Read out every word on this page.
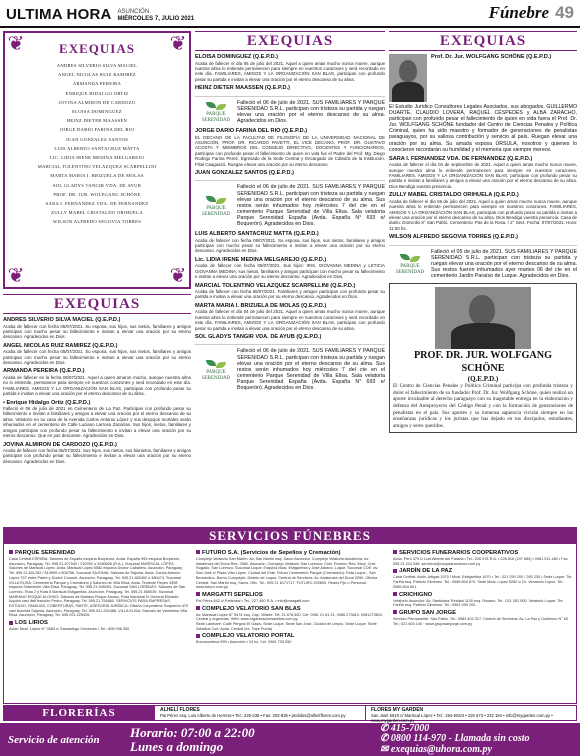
ULTIMA HORA ASUNCIÓN
MIÉRCOLES 7, JULIO 2021	Fúnebre 49
❦	❦
❦	❦
EXEQUIAS
ANDRES SILVERIO SILVA MACIEL
ANGEL NICOLAS RUIZ RAMIREZ
ARMANDA PEREIRA
ENRIQUE HIDALGO ORTIZ
JOVINA ALMIRON DE CARDOZO
ELOISA DOMINGUEZ
HEINZ DIETER MAASSEN
JORGE DARIO FARINA DEL RIO
JUAN GONZALEZ SANTOS
LUIS ALBERTO SANTACRUZ MATTA
LIC. LIDIA IRENE MEDINA MELGAREJO
MARCIAL TOLENTINO VELAZQUEZ SCARPELLINI
MARTA MARIA I. BRIZUELA DE MOLAS
SOL GLADYS TANGIR VDA. DE AYUB
PROF. DR. JUR. WOLFGANG SCHÖNE
SARA I. FERNANDEZ VDA. DE FERNANDEZ
ZULLY MABEL CRISTALDO ORIHUELA
WILSON ALFREDO SEGOVIA TORRES
EXEQUIAS
ANDRES SILVERIO SILVA MACIEL (Q.E.P.D.)

Acaba de fallecer con fecha 05/07/2021. Su esposa, sus hijos, sus nietos, familiares y amigos participan con mucho pesar su fallecimiento e invitan a elevar una oración por su eterno descanso. Agradecidos en Dios.

ANGEL NICOLAS RUIZ RAMIREZ (Q.E.P.D.)

Acaba de fallecer con fecha 05/07/2021. Su esposa, sus hijos, sus nietos, familiares y amigos participan con mucho pesar su fallecimiento e invitan a elevar una oración por su eterno descanso. Agradecidos en Dios.

ARMANDA PEREIRA (Q.E.P.D.)

Acaba de fallecer en la fecha 06/07/2021. Aquel a quien amaron mucho, aunque nuestra alma no lo entiende, permanece para siempre en nuestros corazones y será recordado en este día. FAMILIARES, AMIGOS Y LA ORGANIZACIÓN SAN BLAS, participan con profundo pesar su partida e invitan a elevar una oración por el eterno descanso de su alma.

• Enrique Hidalgo Ortiz (Q.E.P.D.)

Falleció el 06 de julio de 2021 en Cementerio de La Paz. Participan con profundo pesar su fallecimiento e invitan a familiares y amigos a elevar una oración por el eterno descanso de su alma. Velatorio en su casa de la Avenida Carlos Antonio López y sus despojos mortales serán inhumados en el cementerio de Calle Luciano Larrosa Zacarías. Sus hijos, nietos, familiares y amigos participan con profundo pesar su fallecimiento e invitan a elevar una oración por su eterno descanso. Que en paz descanse. Agradecidos en Dios.

JOVINA ALMIRON DE CARDOZO (Q.E.P.D.)

Acaba de fallecer con fecha 05/07/2021. Sus hijos, sus nietos, sus bisnietos, familiares y amigos participan con profundo pesar su fallecimiento e invitan a elevar una oración por su eterno descanso. Agradecidos en Dios.

EXEQUIAS
ELOISA DOMINGUEZ (Q.E.P.D.)

Acaba de fallecer el día 06 de julio del 2021. Aquel a quien amas mucho nunca muere, aunque nuestra alma lo entiende permanecen para siempre en nuestros corazones y será recordado en este día. FAMILIARES, AMIGOS Y LA ORGANIZACIÓN SAN BLAS, participan con profundo pesar su partida e invitan a elevar una oración por el eterno descanso de su alma.

HEINZ DIETER MAASSEN (Q.E.P.D.)

PARQUE
SERENIDAD

Falleció el 06 de julio de 2021. SUS FAMILIARES Y PARQUE SERENIDAD S.R.L. participan con tristeza su partida y ruegan elevar una oración por el eterno descanso de su alma. Agradecidos en Dios.

JORGE DARIO FARINA DEL RIO (Q.E.P.D.)

EL DECANO DE LA FACULTAD DE FILOSOFÍA DE LA UNIVERSIDAD NACIONAL DE ASUNCIÓN, PROF. DR. RICARDO PAVETTI, EL VICE DECANO, PROF. DR. GUSTAVO ACOSTA Y MIEMBROS DEL CONSEJO DIRECTIVO, DOCENTES Y FUNCIONARIOS, participan con profundo pesar el fallecimiento de quien en vida fue el Padre del Prof. Mg. Diego Rodrigo Farina Perez, Egresado de la Sede Central y Encargado de Cátedra de la Institución. Filial Caaguazú. Ruegan elevar una oración por su eterno descanso.

JUAN GONZALEZ SANTOS (Q.E.P.D.)

PARQUE
SERENIDAD

Falleció el 06 de julio de 2021. SUS FAMILIARES Y PARQUE SERENIDAD S.R.L. participan con tristeza su partida y ruegan elevar una oración por el eterno descanso de su alma. Sus restos serán inhumados hoy miércoles 7 del cte en el cementerio Parque Serenidad de Villa Elisa. Sala velatoria Parque Serenidad España (Avda. España N° 693 e/ Boquerón). Agradecidos en Dios.

LUIS ALBERTO SANTACRUZ MATTA (Q.E.P.D.)

Acaba de fallecer con fecha 06/07/2021. Su esposa, sus hijos, sus nietos, familiares y amigos participan con mucho pesar su fallecimiento e invitan a elevar una oración por su eterno descanso. Agradecidos en Dios.

Lic. LIDIA IRENE MEDINA MELGAREJO (Q.E.P.D.)

Acaba de fallecer con fecha 05/07/2021. Sus hijos: IRIS, GIOVANNA MEDINA y LETICIA GIOVANNA MEDINA, sus nietos, familiares y amigos participan con mucho pesar su fallecimiento e invitan a elevar una oración por su eterno descanso. Agradecidos en Dios.

MARCIAL TOLENTINO VELAZQUEZ SCARPELLINI (Q.E.P.D.)

Acaba de fallecer con fecha 06/07/2021. Familiares y amigos participan con profundo pesar su partida e invitan a elevar una oración por su eterno descanso. Agradecidos en Dios.

MARTA MARIA I. BRIZUELA DE MOLAS (Q.E.P.D.)

Acaba de fallecer el día 04 de julio del 2021. Aquel a quien amas mucho nunca muere, aunque nuestra alma lo entiende permanecen para siempre en nuestros corazones y será recordado en este día. FAMILIARES, AMIGOS Y LA ORGANIZACIÓN SAN BLAS, participan con profundo pesar su partida e invitan a elevar una oración por el eterno descanso de su alma.

SOL GLADYS TANGIR VDA. DE AYUB (Q.E.P.D.)

PARQUE
SERENIDAD

Falleció el 06 de julio de 2021. SUS FAMILIARES Y PARQUE SERENIDAD S.R.L. participan con tristeza su partida y ruegan elevar una oración por el eterno descanso de su alma. Sus restos serán inhumados hoy miércoles 7 del cte en el cementerio Parque Serenidad de Villa Elisa. Sala velatoria Parque Serenidad España (Avda. España N° 693 e/ Boquerón). Agradecidos en Dios.

EXEQUIAS
Prof. Dr. Jur. WOLFGANG SCHÖNE (Q.E.P.D.)

El Estudio Jurídico Consultores Legales Asociados, sus abogados, GUILLERMO DUARTE, CLAUDIO LOVERA, RAQUEL CÉSPEDES y ALBA ZARACHO, participan con profundo pesar el fallecimiento de quien en vida fuera el Prof. Dr. Jur. WOLFGANG SCHÖNE fundador del Centro de Ciencias Penales y Política Criminal, quien ha sido maestro y formador de generaciones de penalistas paraguayos, por su valiosa contribución y servicio al país. Ruegan elevar una oración por su alma. Su amada esposa ÚRSULA, nosotros y quienes lo conocieron recordarán su humildad y el memoria que siempre merece.

SARA I. FERNANDEZ VDA. DE FERNANDEZ (Q.E.P.D.)

Acaba de fallecer el día 04 de septiembre de 2021. Aquel a quien amas mucho nunca muere, aunque nuestra alma lo entiende permanecen para siempre en nuestros corazones. FAMILIARES, AMIGOS Y LA ORGANIZACIÓN SAN BLAS, participan con profundo pesar su partida e invitan a familiares y amigos a elevar una oración por el eterno descanso de su alma. Dios Bendiga vuestra presencia.

ZULLY MABEL CRISTALDO ORIHUELA (Q.E.P.D.)

Acaba de fallecer el día 06 de julio del 2021. Aquel a quien amas mucho nunca muere, aunque nuestra alma lo entiende permanecen para siempre en nuestros corazones. FAMILIARES, AMIGOS Y LA ORGANIZACIÓN SAN BLAS, participan con profundo pesar su partida e invitan a elevar una oración por el eterno descanso de su alma. Dios Bendiga vuestra presencia. Casa de duelo: Domicilio 8° San Pablo. Cementerio: Pas de la Rosa. / 2° Sect. Fecha: 07/07/2021. Hora: 11:00 hs.

WILSON ALFREDO SEGOVIA TORRES (Q.E.P.D.)

PARQUE
SERENIDAD

Falleció el 05 de julio de 2021. SUS FAMILIARES Y PARQUE SERENIDAD S.R.L. participan con tristeza su partida y ruegan elevar una oración por el eterno descanso de su alma. Sus restos fueron inhumados ayer martes 06 del cte en el cementerio Jardín Paraíso de Luque. Agradecidos en Dios.

PROF. DR. JUR. WOLFGANG SCHÖNE
(Q.E.P.D.)

El Centro de Ciencias Penales y Política Criminal participa con profunda tristeza y dolor el fallecimiento de su fundador Prof. Dr. Jur. Wolfgang Schöne, quien realizó un aporte invaluable al derecho paraguayo con su inagotable entrega en la elaboración y defensa del Anteproyecto del Código Penal y con la formación de generaciones de penalistas en el país. Sus aportes y su inmensa sapiencia vivirán siempre en las enseñanzas jurídicas y los juristas que has dejado en tus discípulos, estudiantes, amigos y seres queridos.

SERVICIOS FÚNEBRES
PARQUE SERENIDAD

Casa Central ESPAÑA: Salones de España esquina Boquerón. Anda. España 993 esquina Boquerón. Asunción, Paraguay. Tel. 595.21.207540 / 210992 o 2090606 (R.A.). Sucursal MARISCAL LÓPEZ: Salones de Mariscal López. Avda. Mariscal López 5582 esquina Doctor Caballero. Asunción, Paraguay. Tel. 595.21.601782 / 613999 o 606766. Sucursal SAJONIA: Salones de Sajonia. Avda. Carlos Antonio López 757 entre Padre y Doctor Coronel. Asunción, Paraguay. Tel. 595.21.482492 o 480474. Sucursal VILLA ELISA: Cementerio Parque y Crematorio y Salones de Villa Elisa. Avda. Teniente Reyes 4398 esquina Sotaviento Villa Elisa. Paraguay. Tel. 595.21.945263. Sucursal SAN LORENZO: Salones de San Lorenzo. Ruta 2 y Ruta 8 Mariscal Estigarribia. Asunción, Paraguay. Tel. 595.21.585039. Sucursal MARIANO ROQUE ALONSO: Salones de Mariano Roque Alonso. Ruta Nacional III General Elizardo Aquino casi Itatí fracción Pedro, Paraguay. Tel. 595.21.754860. SERVICIOS PARA EMPRESAS, ESTUDIO, FAMILIAS, COBERTURAS, PARTE, ASESORÍA JURÍDICA: Oficina Corporativa: Boquerón 470 casi Avenida Sajonia. Asunción, Paraguay. Tel. 595.021.252486. VILLA ELISA: Salones de Velatorios Villa Elisa. Asunción, Paraguay. Tel. 595.021.225926.

LOS LIRIOS

Avda. Mcal. López N° 3563 c/ Samaniego Cerdones • Tel.: 605 096 350

FUTURO S.A. (Servicios de Sepelios y Cremación)

Complejo Velatorio San Martín: Av. San Martín esq. Sacro Asunción. Complejo Velatorio Asistencia: Av. Asistencia del Duna Res. 2580. Asunción. Complejo Velatorio San Lorenzo: Cnel. Romero Res. Mcal. Cnel. Rogado. San Lorenzo. Sucursal Luque: Esquina Mcal. Estigarribia y José Adrano. Luque. Sucursal CDE: Av. San José c/ Plaza Villa López. Ciudad del Este. Futuro Cementerio Parque (Cremación): Ruta Luque - San Bernardino. Barrio Curupaytú, Distrito de Luque. Central de Servicios: Av. Asistencia del Duna 3290. Oficina Central: San Martín esq. Sacro, Ofic. Tel.: 595 21 6171717. FUTURO 200800. Redes Fijo o Personal: www.futuro.com.py

MARGATTI SEPELIOS

Pai Pérez 842 c/ Pettirossi • Tel.: 227 460 R.A. • info@margatti.com

COMPLEJO VELATORIO SAN BLAS

Av. Mariscal López N° 5474 esq. Cap. Villarte. Tel: 21.578.300. Cel: 0981 21 81 21. 0986 273810. 0981273810. Central y urgencias. Web: www.organizacionsanblas.com.py

Sede Lambaré: Calle Pergolo El Oasis. Sede Luque. Sede San José. Ciudad de Limpio. Sede Luque. Sede Zeballos Cué: Avda. Central (ex. Tope Puma)

COMPLEJO VELATORIO PORTAL

Burvusumbus 995 • Asunción • 24 hs. Cel. 0981 733 050

SERVICIOS FUNERARIOS COOPERATIVOS

Avda. Perú 379 c/ Luis Alberto del Paraná • Tel.: 226 578 R.A. • 228 816 (247 680) • 0981 511 480 • Fax 595 21 224 548. servicios@coopsanantonio.com.py

JARDÍN DE LA PAZ

Casa Central: Avda. Artigas 1970 / Mcal. Estigarribia 1970 • Tel.: 021 290 200 / 295 230 • Sede Luque: Tte. Fariña esq. Patricio Giménez. Tel.: 0985 804 874. Sede Mcal. López 5282 c/ Dr. Venancio López. Tel.: 0985 804 801.

CRICHIGNO

Velatorio Asunción: Av. Santísima Trinidad 1100 esq. Rosario. Tel.: 021 281 500. Velatorio Luque: Tte. Fariña esq. Patricio Giménez. Tel.: 0981 999 200.

GRUPO SAN JORGE

Servicio Permanente: San Pablo. Tel.: 0983 402 317. Central de Servicios: Av. La Paz y Guillermo N° 60 Tel.: 021 604 140 · www.gruposanjorge.com.py

FLORERÍAS	ALHELÍ FLORES
Pai Pérez esq. Luis Alberto de Herrera • Tel.: 225-238 • Fax: 203-835 • pedidos@alhelíflores.com.py
FLORES MY GARDEN
San José 5519 c/ Mariscal López • Tel.: 254-503/4 • 226 573 • 232 194 • info@mygarden.com.py • www.mygarden.com.py
Servicio de atención	Horario: 07:00 a 22:00
Lunes a domingo
✆ 415-7000
✆ 0800 114-970 - Llamada sin costo
✉ exequias@uhora.com.py
